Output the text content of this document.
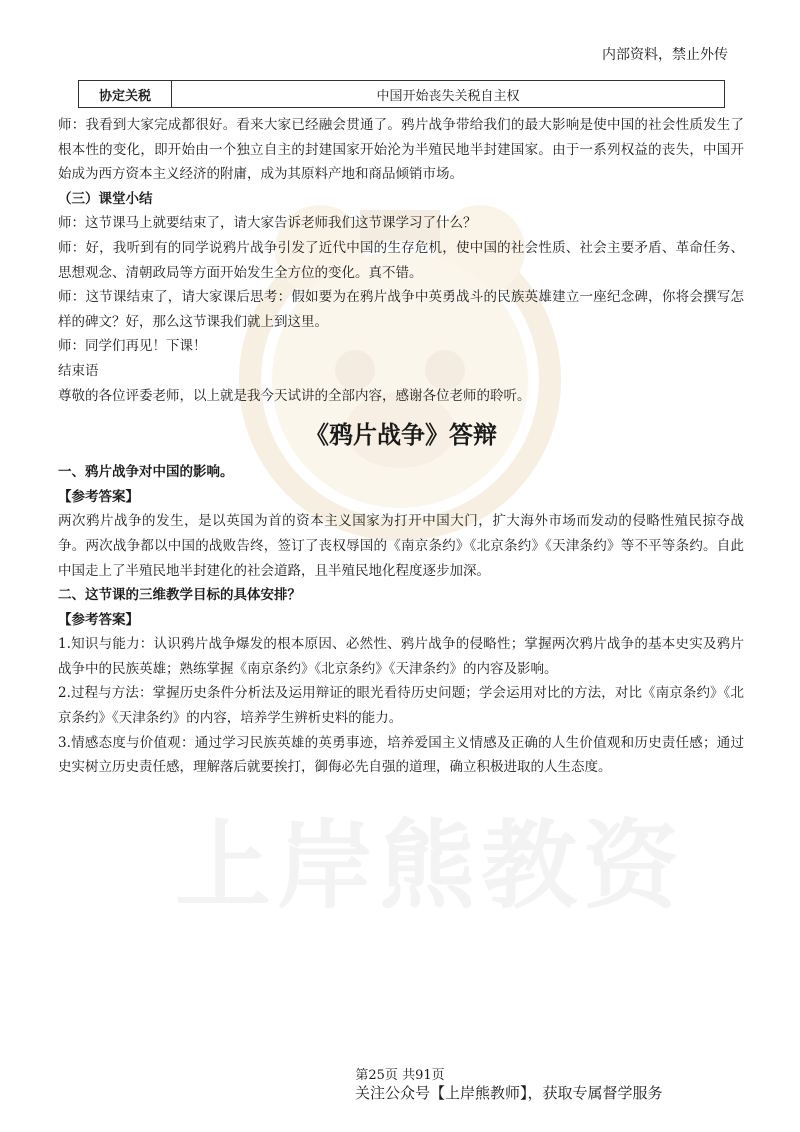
上岸熊教资
内部资料，禁止外传
协定关税	中国开始丧失关税自主权

师：我看到大家完成都很好。看来大家已经融会贯通了。鸦片战争带给我们的最大影响是使中国的社会性质发生了根本性的变化，即开始由一个独立自主的封建国家开始沦为半殖民地半封建国家。由于一系列权益的丧失，中国开始成为西方资本主义经济的附庸，成为其原料产地和商品倾销市场。

（三）课堂小结

师：这节课马上就要结束了，请大家告诉老师我们这节课学习了什么？

师：好，我听到有的同学说鸦片战争引发了近代中国的生存危机，使中国的社会性质、社会主要矛盾、革命任务、思想观念、清朝政局等方面开始发生全方位的变化。真不错。

师：这节课结束了，请大家课后思考：假如要为在鸦片战争中英勇战斗的民族英雄建立一座纪念碑，你将会撰写怎样的碑文？好，那么这节课我们就上到这里。

师：同学们再见！下课！

结束语

尊敬的各位评委老师，以上就是我今天试讲的全部内容，感谢各位老师的聆听。

《鸦片战争》答辩

一、鸦片战争对中国的影响。

【参考答案】

两次鸦片战争的发生，是以英国为首的资本主义国家为打开中国大门，扩大海外市场而发动的侵略性殖民掠夺战争。两次战争都以中国的战败告终，签订了丧权辱国的《南京条约》《北京条约》《天津条约》等不平等条约。自此中国走上了半殖民地半封建化的社会道路，且半殖民地化程度逐步加深。

二、这节课的三维教学目标的具体安排？

【参考答案】

1.知识与能力：认识鸦片战争爆发的根本原因、必然性、鸦片战争的侵略性；掌握两次鸦片战争的基本史实及鸦片战争中的民族英雄；熟练掌握《南京条约》《北京条约》《天津条约》的内容及影响。

2.过程与方法：掌握历史条件分析法及运用辩证的眼光看待历史问题；学会运用对比的方法，对比《南京条约》《北京条约》《天津条约》的内容，培养学生辨析史料的能力。

3.情感态度与价值观：通过学习民族英雄的英勇事迹，培养爱国主义情感及正确的人生价值观和历史责任感；通过史实树立历史责任感，理解落后就要挨打，御侮必先自强的道理，确立积极进取的人生态度。

第25页 共91页
关注公众号【上岸熊教师】，获取专属督学服务
